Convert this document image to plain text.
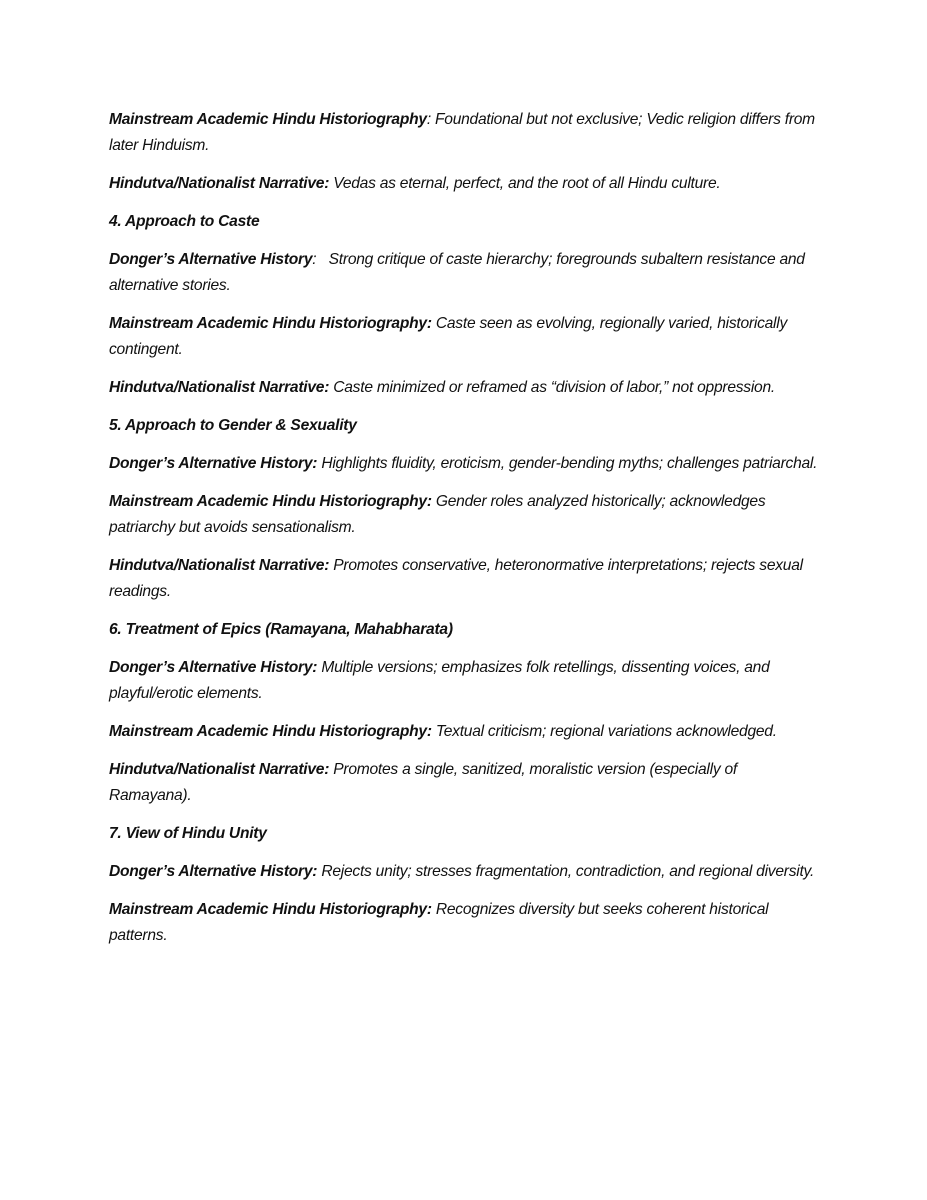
Mainstream Academic Hindu Historiography: Foundational but not exclusive; Vedic religion differs from later Hinduism.

Hindutva/Nationalist Narrative: Vedas as eternal, perfect, and the root of all Hindu culture.

4. Approach to Caste

Donger’s Alternative History:   Strong critique of caste hierarchy; foregrounds subaltern resistance and alternative stories.

Mainstream Academic Hindu Historiography: Caste seen as evolving, regionally varied, historically contingent.

Hindutva/Nationalist Narrative: Caste minimized or reframed as “division of labor,” not oppression.

5. Approach to Gender & Sexuality

Donger’s Alternative History: Highlights fluidity, eroticism, gender-bending myths; challenges patriarchal.

Mainstream Academic Hindu Historiography: Gender roles analyzed historically; acknowledges patriarchy but avoids sensationalism.

Hindutva/Nationalist Narrative: Promotes conservative, heteronormative interpretations; rejects sexual readings.

6. Treatment of Epics (Ramayana, Mahabharata)

Donger’s Alternative History: Multiple versions; emphasizes folk retellings, dissenting voices, and playful/erotic elements.

Mainstream Academic Hindu Historiography: Textual criticism; regional variations acknowledged.

Hindutva/Nationalist Narrative: Promotes a single, sanitized, moralistic version (especially of Ramayana).

7. View of Hindu Unity

Donger’s Alternative History: Rejects unity; stresses fragmentation, contradiction, and regional diversity.

Mainstream Academic Hindu Historiography: Recognizes diversity but seeks coherent historical patterns.
